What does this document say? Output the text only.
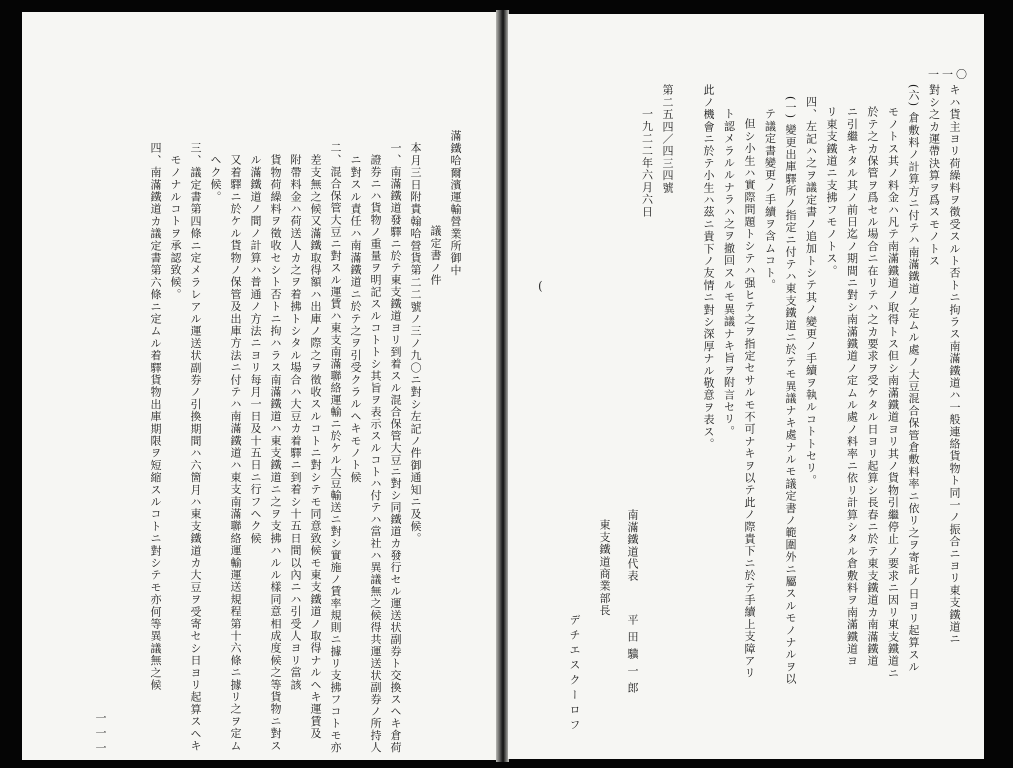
滿鐵哈爾濱運輸營業所御中
議定書ノ件
本月三日附貴翰哈營貨第二二號ノ三ノ九〇ニ對シ左記ノ件御通知ニ及候。
一、南滿鐵道發驛ニ於テ東支鐵道ヨリ到着スル混合保管大豆ニ對シ同鐵道カ發行セル運送状副券ト交換スヘキ倉荷
證券ニハ貨物ノ重量ヲ明記スルコトトシ其旨ヲ表示スルコトハ付テハ當社ハ異議無之候得共運送状副券ノ所持人
ニ對スル責任ハ南滿鐵道ニ於テ之ヲ引受クラルヘキモノト候
二、混合保管大豆ニ對スル運賃ハ東支南滿聯絡運輸ニ於ケル大豆輸送ニ對シ實施ノ賃率規則ニ據リ支拂フコトモ亦
差支無之候又滿鐵取得額ハ出庫ノ際之ヲ徵收スルコトニ對シテモ同意致候モ東支鐵道ノ取得ナルヘキ運賃及
附帶料金ハ荷送人カ之ヲ着拂トシタル場合ハ大豆カ着驛ニ到着シ十五日間以內ニハ引受人ヨリ當該
貨物荷繰料ヲ徵收セシト否トニ拘ハラス南滿鐵道ハ東支鐵道ニ之ヲ支拂ハルル樣同意相成度候之等貨物ニ對ス
ル滿鐵道ノ間ノ計算ハ普通ノ方法ニヨリ每月一日及十五日ニ行フヘク候
又着驛ニ於ケル貨物ノ保管及出庫方法ニ付テハ南滿鐵道ハ東支南滿聯絡運輸運送規程第十六條ニ據リ之ヲ定ム
ヘク候。
三、議定書第四條ニ定メラレアル運送状副券ノ引換期間ハ六箇月ハ東支鐵道カ大豆ヲ受寄セシ日ヨリ起算スヘキ
モノナルコトヲ承認致候。
四、南滿鐵道カ議定書第六條ニ定ムル着驛貨物出庫期限ヲ短縮スルコトニ對シテモ亦何等異議無之候
一一一
キハ貨主ヨリ荷繰料ヲ徴受スルト否トニ拘ラス南滿鐵道ハ一般連絡貨物ト同一ノ振合ニヨリ東支鐵道ニ
對シ之カ運帶決算ヲ爲スモノトス
(六) 倉敷料ノ計算方ニ付テハ南滿鐵道ノ定ムル處ノ大豆混合保管倉敷料率ニ依リ之ヲ寄託ノ日ヨリ起算スル
モノトス其ノ料金ハ凡テ南滿鐵道ノ取得トス但シ南滿鐵道ヨリ其ノ貨物引繼停止ノ要求ニ因リ東支鐵道ニ
於テ之カ保管ヲ爲セル場合ニ在リテハ之カ要求ヲ受ケタル日ヨリ起算シ長春ニ於テ東支鐵道カ南滿鐵道
ニ引繼キタル其ノ前日迄ノ期間ニ對シ南滿鐵道ノ定ムル處ノ料率ニ依リ計算シタル倉敷料ヲ南滿鐵道ヨ
リ東支鐵道ニ支拂フモノトス。
四、左記ハ之ヲ議定書ノ追加トシテ其ノ變更ノ手續ヲ執ルコトトセリ。
(一) 變更出庫驛所ノ指定ニ付テハ東支鐵道ニ於テモ異議ナキ處ナルモ議定書ノ範圍外ニ屬スルモノナルヲ以
テ議定書變更ノ手續ヲ含ムコト。
但シ小生ハ實際問題トシテハ强ヒテ之ヲ指定セサルモ不可ナキヲ以テ此ノ際貴下ニ於テ手續上支障アリ
ト認メラルルナラハ之ヲ撤回スルモ異議ナキ旨ヲ附言セリ。
此ノ機會ニ於テ小生ハ茲ニ貴下ノ友情ニ對シ深厚ナル敬意ヲ表ス。
第二五四／四三四號
一九二二年六月六日
一一〇
南滿鐵道代表
平田驥一郎
東支鐵道商業部長
デチエスクーロフ
(
